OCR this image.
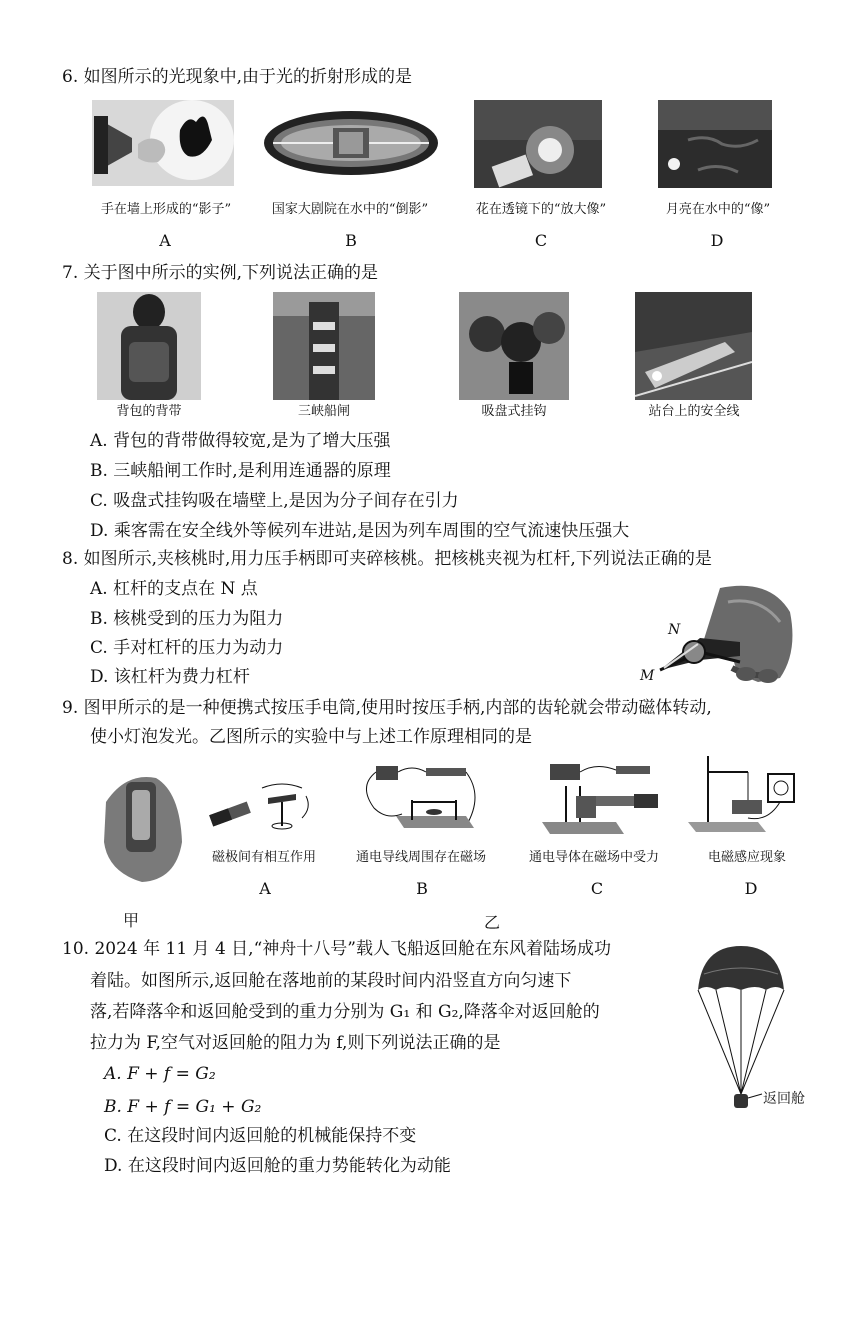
6. 如图所示的光现象中,由于光的折射形成的是
手在墙上形成的“影子”	国家大剧院在水中的“倒影”	花在透镜下的“放大像”	月亮在水中的“像”
A	B	C	D
7. 关于图中所示的实例,下列说法正确的是
背包的背带	三峡船闸	吸盘式挂钩	站台上的安全线
A. 背包的背带做得较宽,是为了增大压强
B. 三峡船闸工作时,是利用连通器的原理
C. 吸盘式挂钩吸在墙壁上,是因为分子间存在引力
D. 乘客需在安全线外等候列车进站,是因为列车周围的空气流速快压强大
8. 如图所示,夹核桃时,用力压手柄即可夹碎核桃。把核桃夹视为杠杆,下列说法正确的是
A. 杠杆的支点在 N 点
B. 核桃受到的压力为阻力
C. 手对杠杆的压力为动力
D. 该杠杆为费力杠杆
N
M
9. 图甲所示的是一种便携式按压手电筒,使用时按压手柄,内部的齿轮就会带动磁体转动,
使小灯泡发光。乙图所示的实验中与上述工作原理相同的是
磁极间有相互作用
A
通电导线周围存在磁场
B
通电导体在磁场中受力
C
电磁感应现象
D
甲	乙
10. 2024 年 11 月 4 日,“神舟十八号”载人飞船返回舱在东风着陆场成功
着陆。如图所示,返回舱在落地前的某段时间内沿竖直方向匀速下
落,若降落伞和返回舱受到的重力分别为 G₁ 和 G₂,降落伞对返回舱的
拉力为 F,空气对返回舱的阻力为 f,则下列说法正确的是
A. F + f = G₂
B. F + f = G₁ + G₂
C. 在这段时间内返回舱的机械能保持不变
D. 在这段时间内返回舱的重力势能转化为动能
返回舱
